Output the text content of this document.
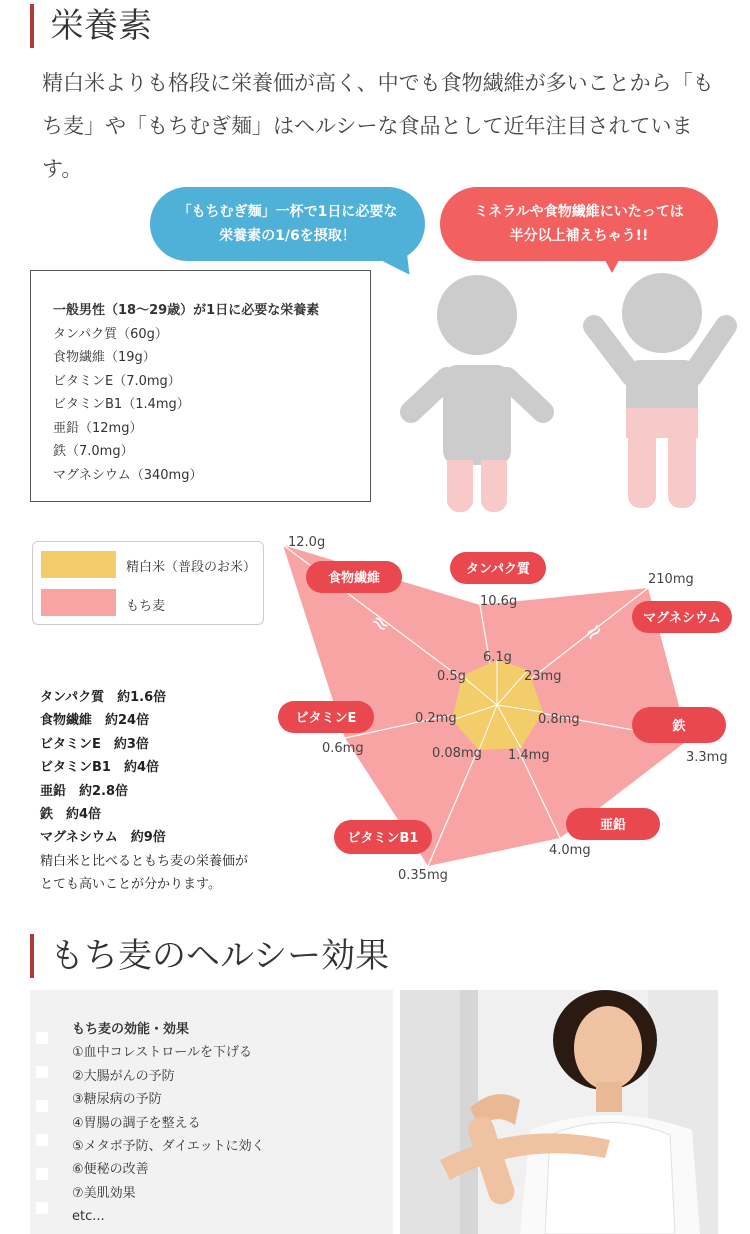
栄養素

精白米よりも格段に栄養価が高く、中でも食物繊維が多いことから「もち麦」や「もちむぎ麺」はヘルシーな食品として近年注目されています。

「もちむぎ麺」一杯で1日に必要な
栄養素の1/6を摂取！
ミネラルや食物繊維にいたっては
半分以上補えちゃう!!
一般男性（18〜29歳）が1日に必要な栄養素
タンパク質（60g）
食物繊維（19g）
ビタミンE（7.0mg）
ビタミンB1（1.4mg）
亜鉛（12mg）
鉄（7.0mg）
マグネシウム（340mg）
10.6g
210mg
3.3mg
4.0mg
0.35mg
0.6mg
12.0g
6.1g
23mg
0.8mg
1.4mg
0.08mg
0.2mg
0.5g
≈	≈
タンパク質
マグネシウム
鉄
亜鉛
ビタミンB1
ビタミンE
食物繊維
精白米（普段のお米）
もち麦
タンパク質　約1.6倍
食物繊維　約24倍
ビタミンE　約3倍
ビタミンB1　約4倍
亜鉛　約2.8倍
鉄　約4倍
マグネシウム　約9倍
精白米と比べるともち麦の栄養価が
とても高いことが分かります。
もち麦のヘルシー効果
もち麦の効能・効果
①血中コレストロールを下げる
②大腸がんの予防
③糖尿病の予防
④胃腸の調子を整える
⑤メタボ予防、ダイエットに効く
⑥便秘の改善
⑦美肌効果
etc...
